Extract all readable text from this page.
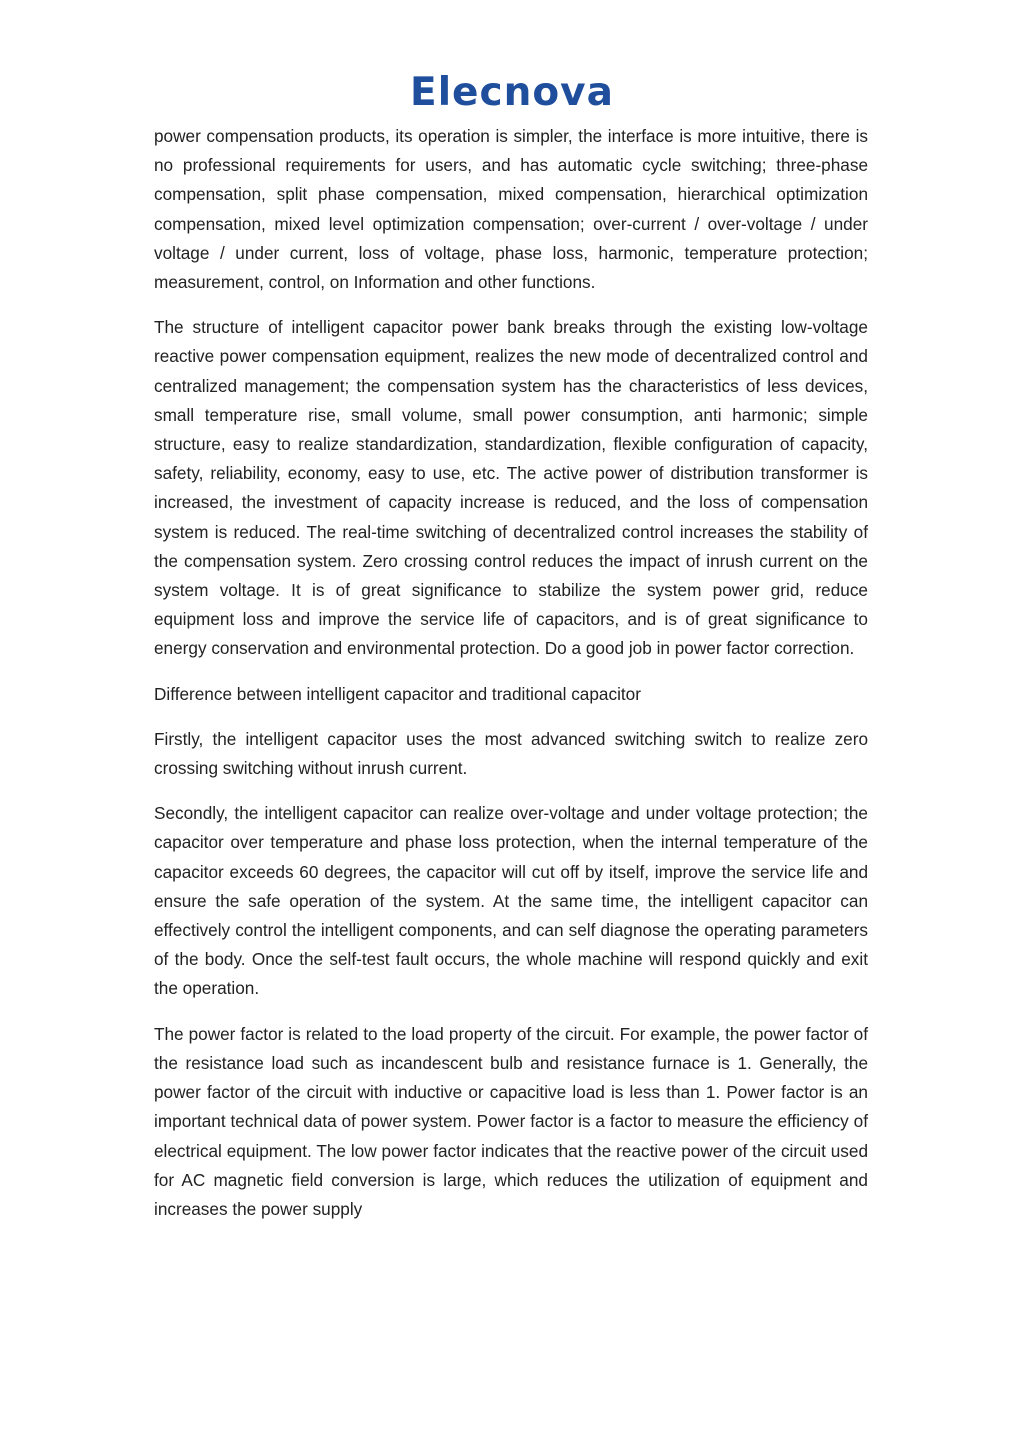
Elecnova

power compensation products, its operation is simpler, the interface is more intuitive, there is no professional requirements for users, and has automatic cycle switching; three-phase compensation, split phase compensation, mixed compensation, hierarchical optimization compensation, mixed level optimization compensation; over-current / over-voltage / under voltage / under current, loss of voltage, phase loss, harmonic, temperature protection; measurement, control, on Information and other functions.

The structure of intelligent capacitor power bank breaks through the existing low-voltage reactive power compensation equipment, realizes the new mode of decentralized control and centralized management; the compensation system has the characteristics of less devices, small temperature rise, small volume, small power consumption, anti harmonic; simple structure, easy to realize standardization, standardization, flexible configuration of capacity, safety, reliability, economy, easy to use, etc. The active power of distribution transformer is increased, the investment of capacity increase is reduced, and the loss of compensation system is reduced. The real-time switching of decentralized control increases the stability of the compensation system. Zero crossing control reduces the impact of inrush current on the system voltage. It is of great significance to stabilize the system power grid, reduce equipment loss and improve the service life of capacitors, and is of great significance to energy conservation and environmental protection. Do a good job in power factor correction.

Difference between intelligent capacitor and traditional capacitor

Firstly, the intelligent capacitor uses the most advanced switching switch to realize zero crossing switching without inrush current.

Secondly, the intelligent capacitor can realize over-voltage and under voltage protection; the capacitor over temperature and phase loss protection, when the internal temperature of the capacitor exceeds 60 degrees, the capacitor will cut off by itself, improve the service life and ensure the safe operation of the system. At the same time, the intelligent capacitor can effectively control the intelligent components, and can self diagnose the operating parameters of the body. Once the self-test fault occurs, the whole machine will respond quickly and exit the operation.

The power factor is related to the load property of the circuit. For example, the power factor of the resistance load such as incandescent bulb and resistance furnace is 1. Generally, the power factor of the circuit with inductive or capacitive load is less than 1. Power factor is an important technical data of power system. Power factor is a factor to measure the efficiency of electrical equipment. The low power factor indicates that the reactive power of the circuit used for AC magnetic field conversion is large, which reduces the utilization of equipment and increases the power supply
